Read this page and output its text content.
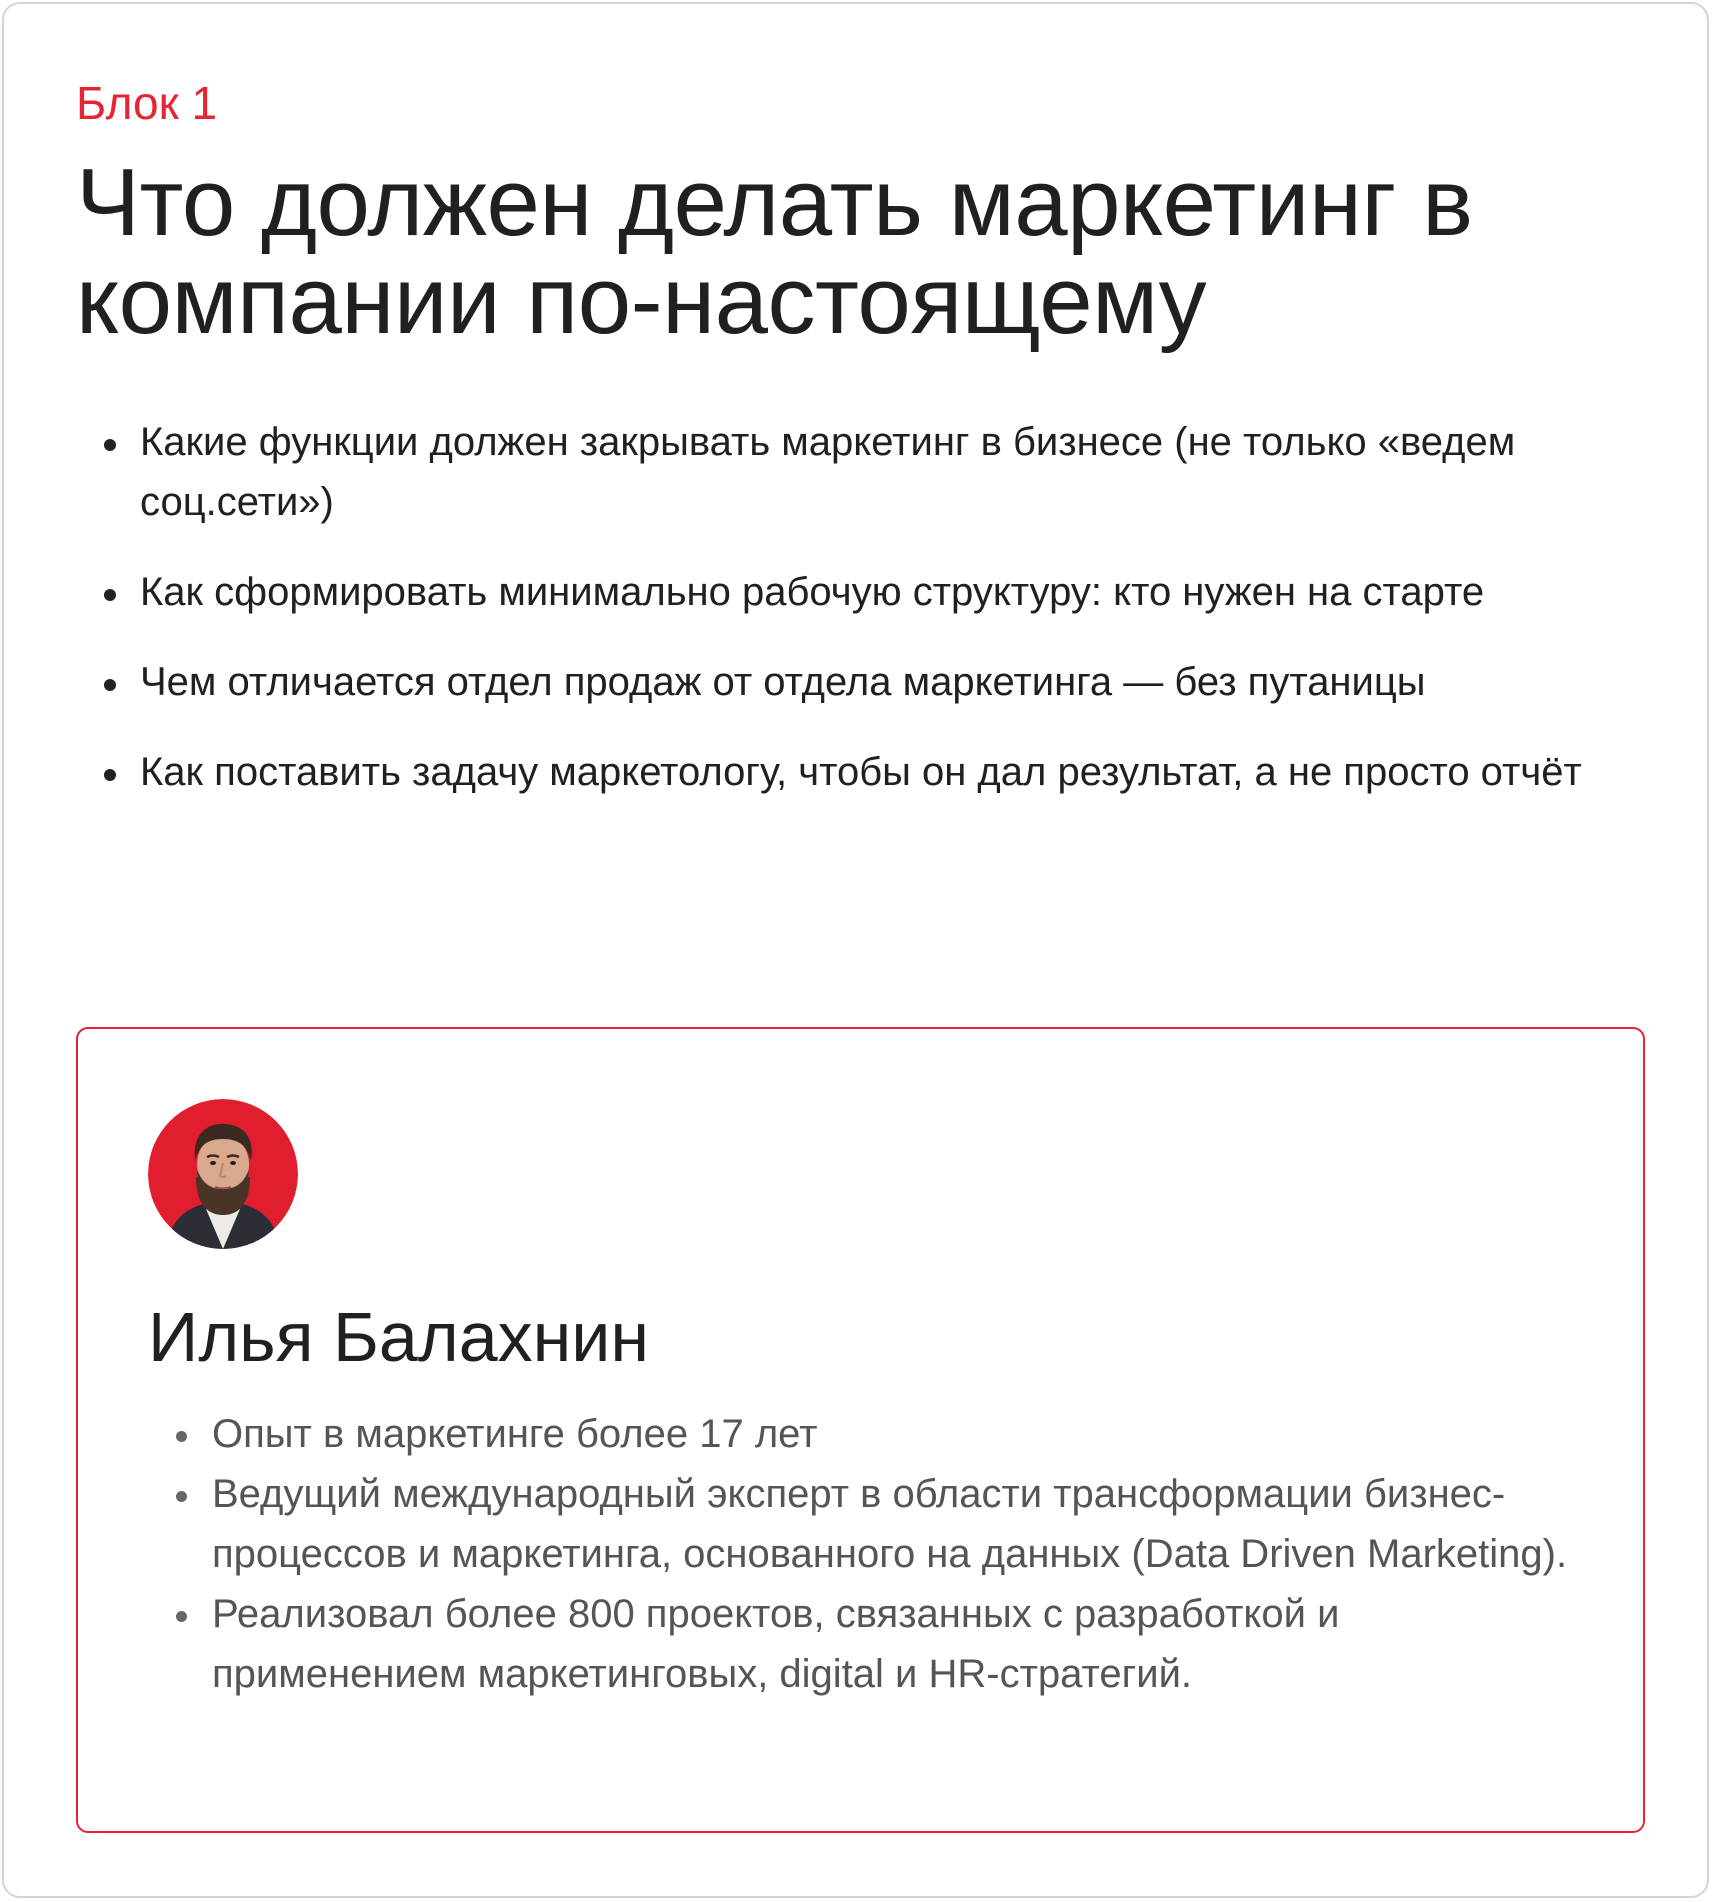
Блок 1

Что должен делать маркетинг в компании по-настоящему
Какие функции должен закрывать маркетинг в бизнесе (не только «ведем соц.сети»)
Как сформировать минимально рабочую структуру: кто нужен на старте
Чем отличается отдел продаж от отдела маркетинга — без путаницы
Как поставить задачу маркетологу, чтобы он дал результат, а не просто отчёт
Илья Балахнин
Опыт в маркетинге более 17 лет
Ведущий международный эксперт в области трансформации бизнес-процессов и маркетинга, основанного на данных (Data Driven Marketing).
Реализовал более 800 проектов, связанных с разработкой и применением маркетинговых, digital и HR-стратегий.
